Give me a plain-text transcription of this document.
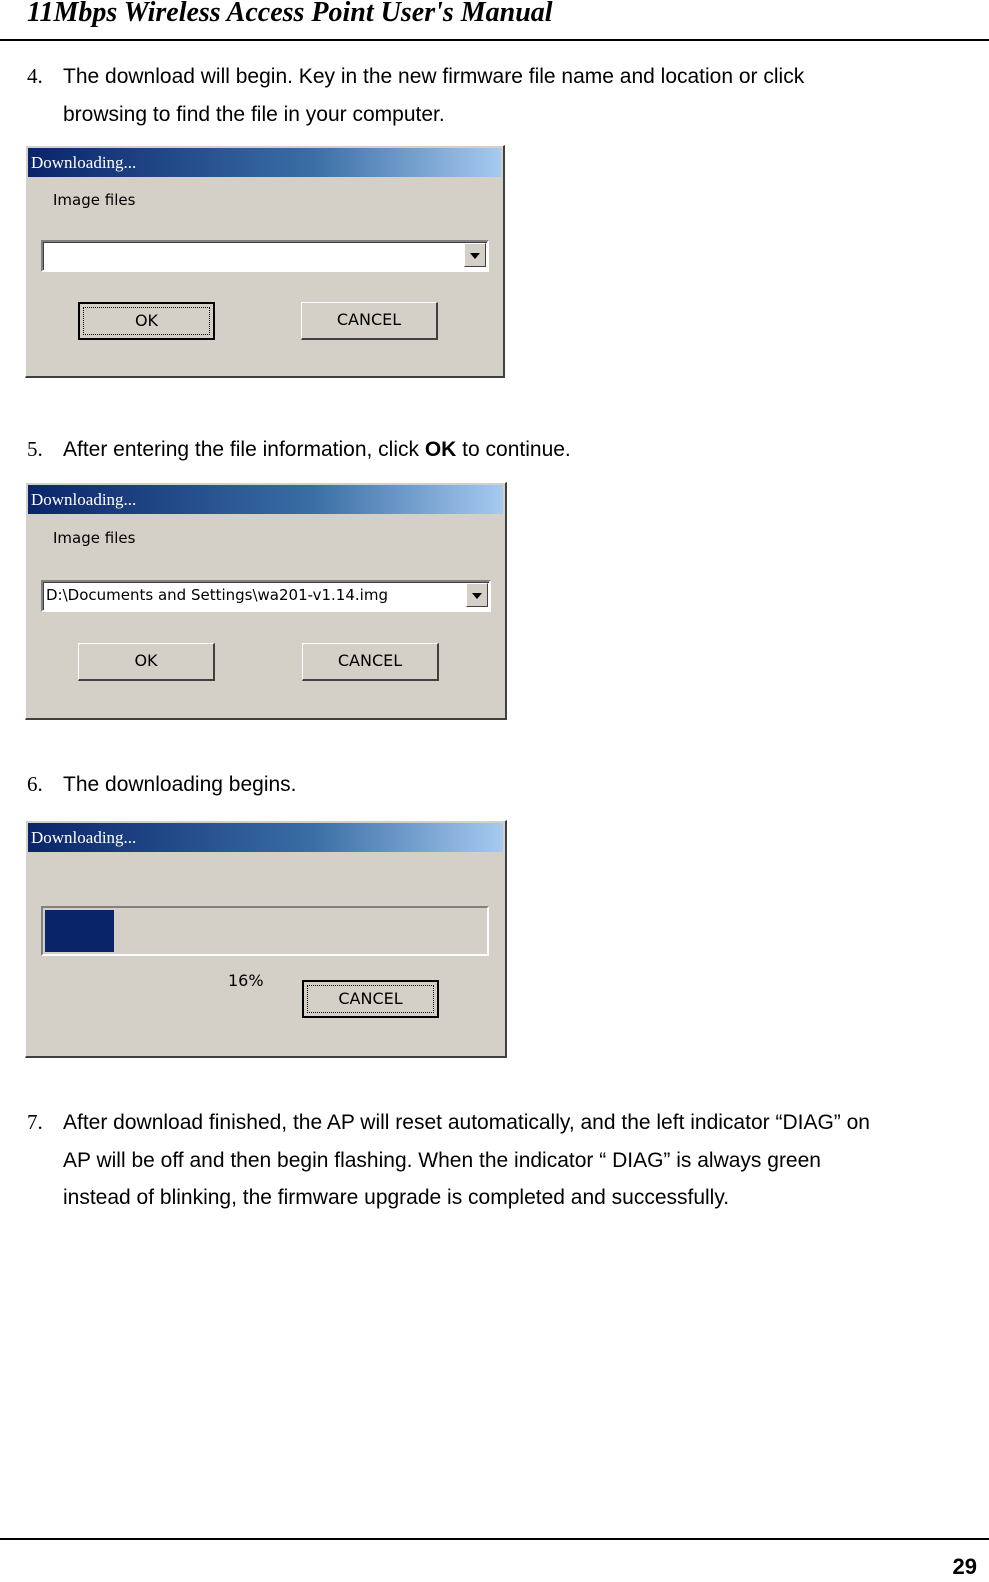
11Mbps Wireless Access Point User's Manual
4. The download will begin. Key in the new firmware file name and location or click
browsing to find the file in your computer.
Downloading...
Image files
OK	CANCEL
5. After entering the file information, click OK to continue.
Downloading...
Image files
D:\Documents and Settings\wa201-v1.14.img
OK	CANCEL
6. The downloading begins.
Downloading...
16%
CANCEL
7. After download finished, the AP will reset automatically, and the left indicator “DIAG” on
AP will be off and then begin flashing. When the indicator “ DIAG” is always green
instead of blinking, the firmware upgrade is completed and successfully.
29
